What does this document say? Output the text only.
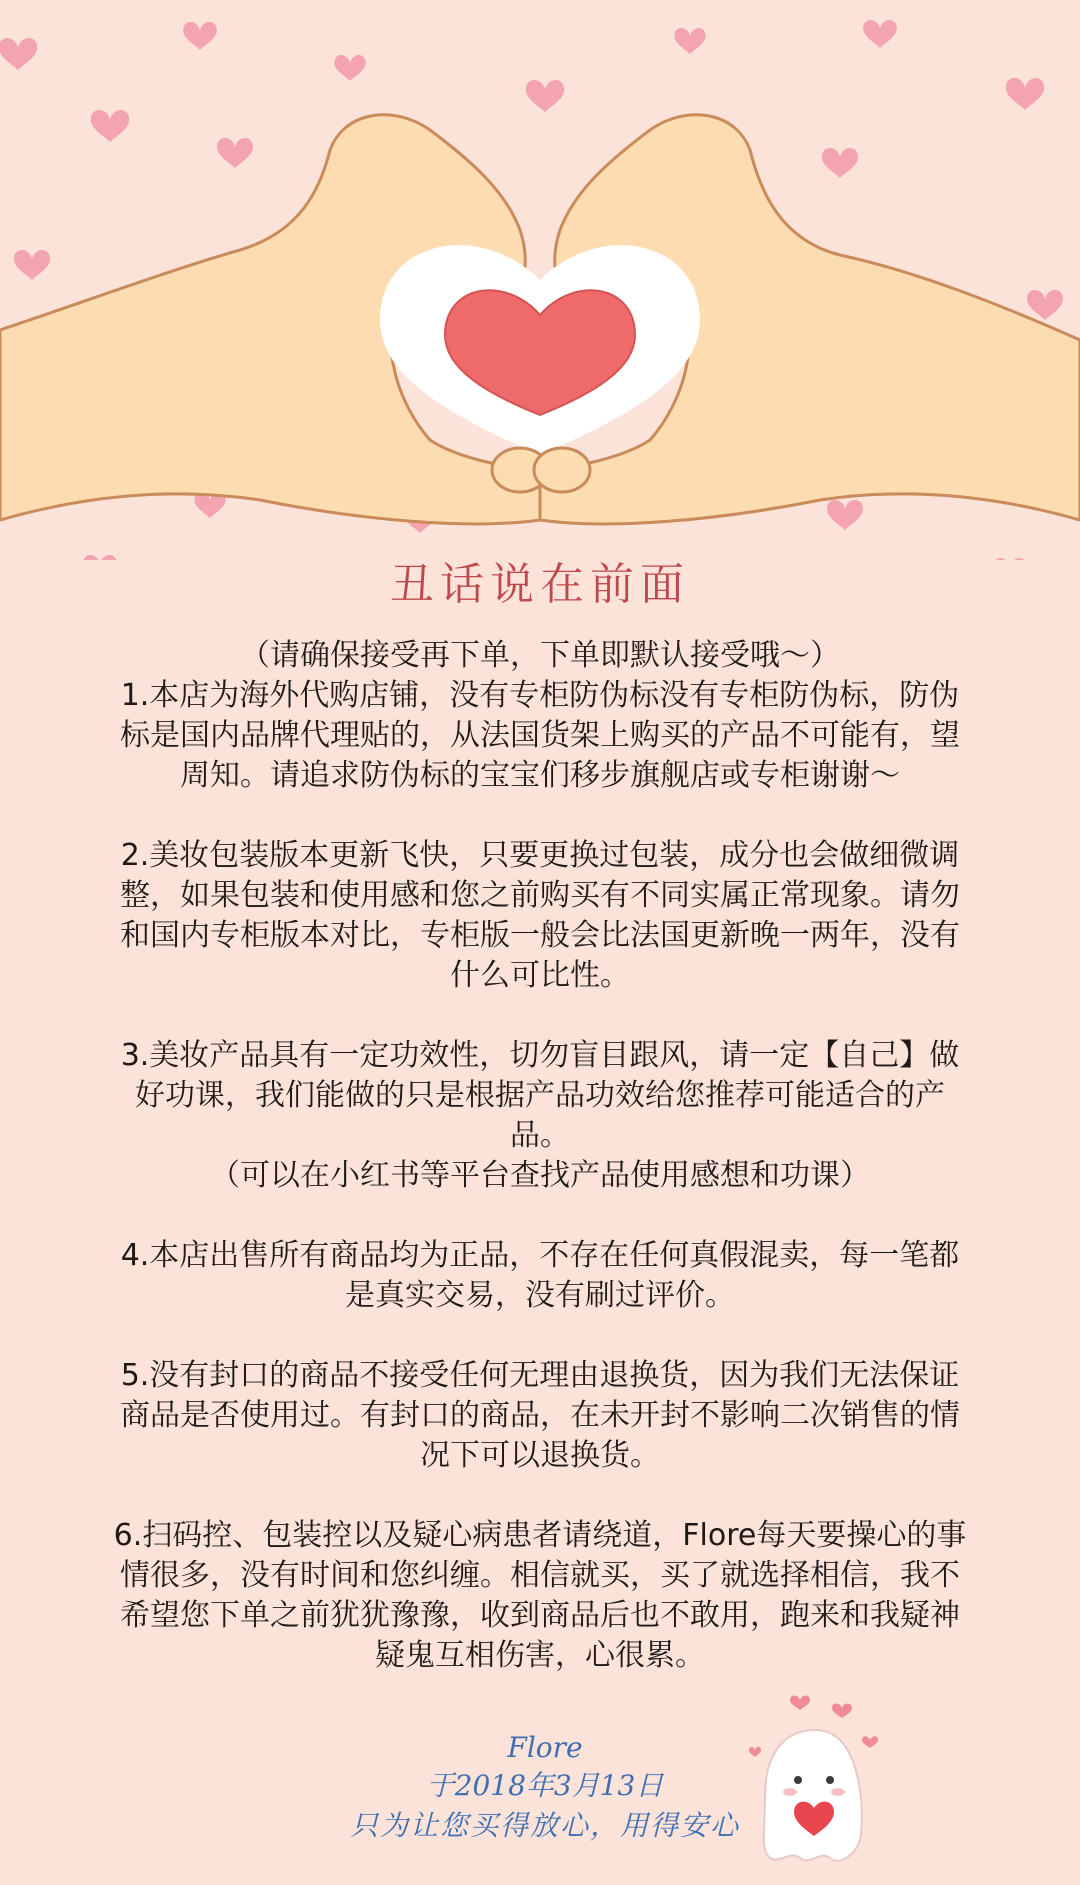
丑话说在前面
（请确保接受再下单，下单即默认接受哦～）
1.本店为海外代购店铺，没有专柜防伪标没有专柜防伪标，防伪
标是国内品牌代理贴的，从法国货架上购买的产品不可能有，望
周知。请追求防伪标的宝宝们移步旗舰店或专柜谢谢～
2.美妆包装版本更新飞快，只要更换过包装，成分也会做细微调
整，如果包装和使用感和您之前购买有不同实属正常现象。请勿
和国内专柜版本对比，专柜版一般会比法国更新晚一两年，没有
什么可比性。
3.美妆产品具有一定功效性，切勿盲目跟风，请一定【自己】做
好功课，我们能做的只是根据产品功效给您推荐可能适合的产
品。
（可以在小红书等平台查找产品使用感想和功课）
4.本店出售所有商品均为正品，不存在任何真假混卖，每一笔都
是真实交易，没有刷过评价。
5.没有封口的商品不接受任何无理由退换货，因为我们无法保证
商品是否使用过。有封口的商品，在未开封不影响二次销售的情
况下可以退换货。
6.扫码控、包装控以及疑心病患者请绕道，Flore每天要操心的事
情很多，没有时间和您纠缠。相信就买，买了就选择相信，我不
希望您下单之前犹犹豫豫，收到商品后也不敢用，跑来和我疑神
疑鬼互相伤害，心很累。
Flore
于2018年3月13日
只为让您买得放心，用得安心
